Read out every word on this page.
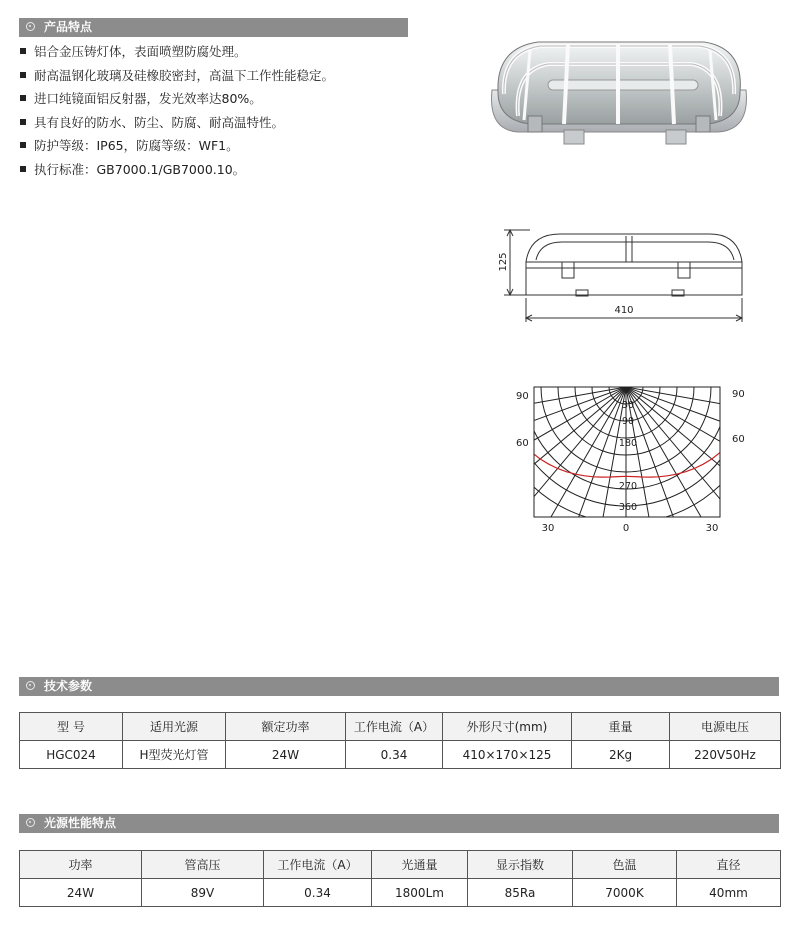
产品特点
铝合金压铸灯体，表面喷塑防腐处理。
耐高温钢化玻璃及硅橡胶密封，高温下工作性能稳定。
进口纯镜面铝反射器，发光效率达80%。
具有良好的防水、防尘、防腐、耐高温特性。
防护等级：IP65，防腐等级：WF1。
执行标准：GB7000.1/GB7000.10。
125
410
90
60
90
60
30	0	30
30
90
180
270
360
技术参数
型 号	适用光源	额定功率	工作电流（A）	外形尺寸(mm)	重量	电源电压
HGC024	H型荧光灯管	24W	0.34	410×170×125	2Kg	220V50Hz
光源性能特点
功率	管高压	工作电流（A）	光通量	显示指数	色温	直径
24W	89V	0.34	1800Lm	85Ra	7000K	40mm
